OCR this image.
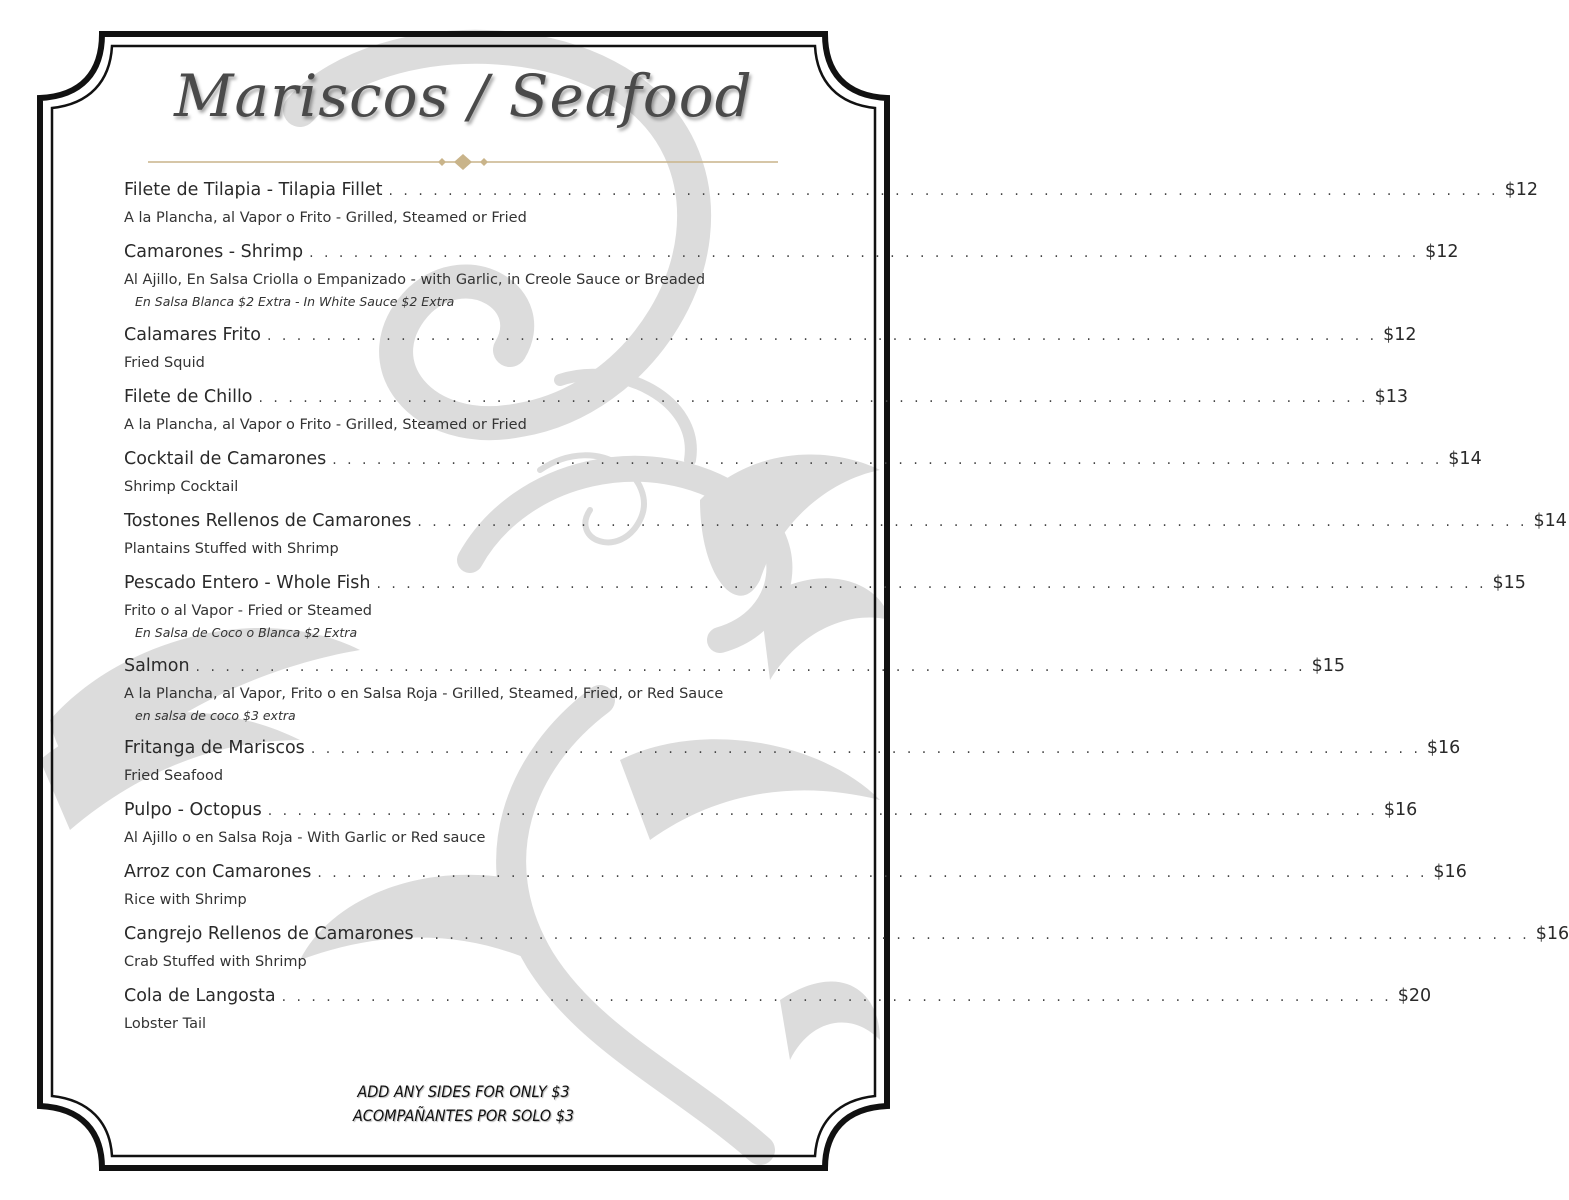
Mariscos / Seafood
Filete de Tilapia - Tilapia Fillet . . . . . . . . . . . . . . . . . . . . . . . . . . . . . . . . . . . . . . . . . . . . . . . . . . . . . . . . . . . . . . . . . . . . . . . . . . . $12
A la Plancha, al Vapor o Frito - Grilled, Steamed or Fried
Camarones - Shrimp . . . . . . . . . . . . . . . . . . . . . . . . . . . . . . . . . . . . . . . . . . . . . . . . . . . . . . . . . . . . . . . . . . . . . . . . . . . $12
Al Ajillo, En Salsa Criolla o Empanizado - with Garlic, in Creole Sauce or Breaded
En Salsa Blanca $2 Extra - In White Sauce $2 Extra
Calamares Frito . . . . . . . . . . . . . . . . . . . . . . . . . . . . . . . . . . . . . . . . . . . . . . . . . . . . . . . . . . . . . . . . . . . . . . . . . . . $12
Fried Squid
Filete de Chillo . . . . . . . . . . . . . . . . . . . . . . . . . . . . . . . . . . . . . . . . . . . . . . . . . . . . . . . . . . . . . . . . . . . . . . . . . . . $13
A la Plancha, al Vapor o Frito - Grilled, Steamed or Fried
Cocktail de Camarones . . . . . . . . . . . . . . . . . . . . . . . . . . . . . . . . . . . . . . . . . . . . . . . . . . . . . . . . . . . . . . . . . . . . . . . . . . . $14
Shrimp Cocktail
Tostones Rellenos de Camarones . . . . . . . . . . . . . . . . . . . . . . . . . . . . . . . . . . . . . . . . . . . . . . . . . . . . . . . . . . . . . . . . . . . . . . . . . . . $14
Plantains Stuffed with Shrimp
Pescado Entero - Whole Fish . . . . . . . . . . . . . . . . . . . . . . . . . . . . . . . . . . . . . . . . . . . . . . . . . . . . . . . . . . . . . . . . . . . . . . . . . . . $15
Frito o al Vapor - Fried or Steamed
En Salsa de Coco o Blanca $2 Extra
Salmon . . . . . . . . . . . . . . . . . . . . . . . . . . . . . . . . . . . . . . . . . . . . . . . . . . . . . . . . . . . . . . . . . . . . . . . . . . . $15
A la Plancha, al Vapor, Frito o en Salsa Roja - Grilled, Steamed, Fried, or Red Sauce
en salsa de coco $3 extra
Fritanga de Mariscos . . . . . . . . . . . . . . . . . . . . . . . . . . . . . . . . . . . . . . . . . . . . . . . . . . . . . . . . . . . . . . . . . . . . . . . . . . . $16
Fried Seafood
Pulpo - Octopus . . . . . . . . . . . . . . . . . . . . . . . . . . . . . . . . . . . . . . . . . . . . . . . . . . . . . . . . . . . . . . . . . . . . . . . . . . . $16
Al Ajillo o en Salsa Roja - With Garlic or Red sauce
Arroz con Camarones . . . . . . . . . . . . . . . . . . . . . . . . . . . . . . . . . . . . . . . . . . . . . . . . . . . . . . . . . . . . . . . . . . . . . . . . . . . $16
Rice with Shrimp
Cangrejo Rellenos de Camarones . . . . . . . . . . . . . . . . . . . . . . . . . . . . . . . . . . . . . . . . . . . . . . . . . . . . . . . . . . . . . . . . . . . . . . . . . . . $16
Crab Stuffed with Shrimp
Cola de Langosta . . . . . . . . . . . . . . . . . . . . . . . . . . . . . . . . . . . . . . . . . . . . . . . . . . . . . . . . . . . . . . . . . . . . . . . . . . . $20
Lobster Tail
ADD ANY SIDES FOR ONLY $3
ACOMPAÑANTES POR SOLO $3
